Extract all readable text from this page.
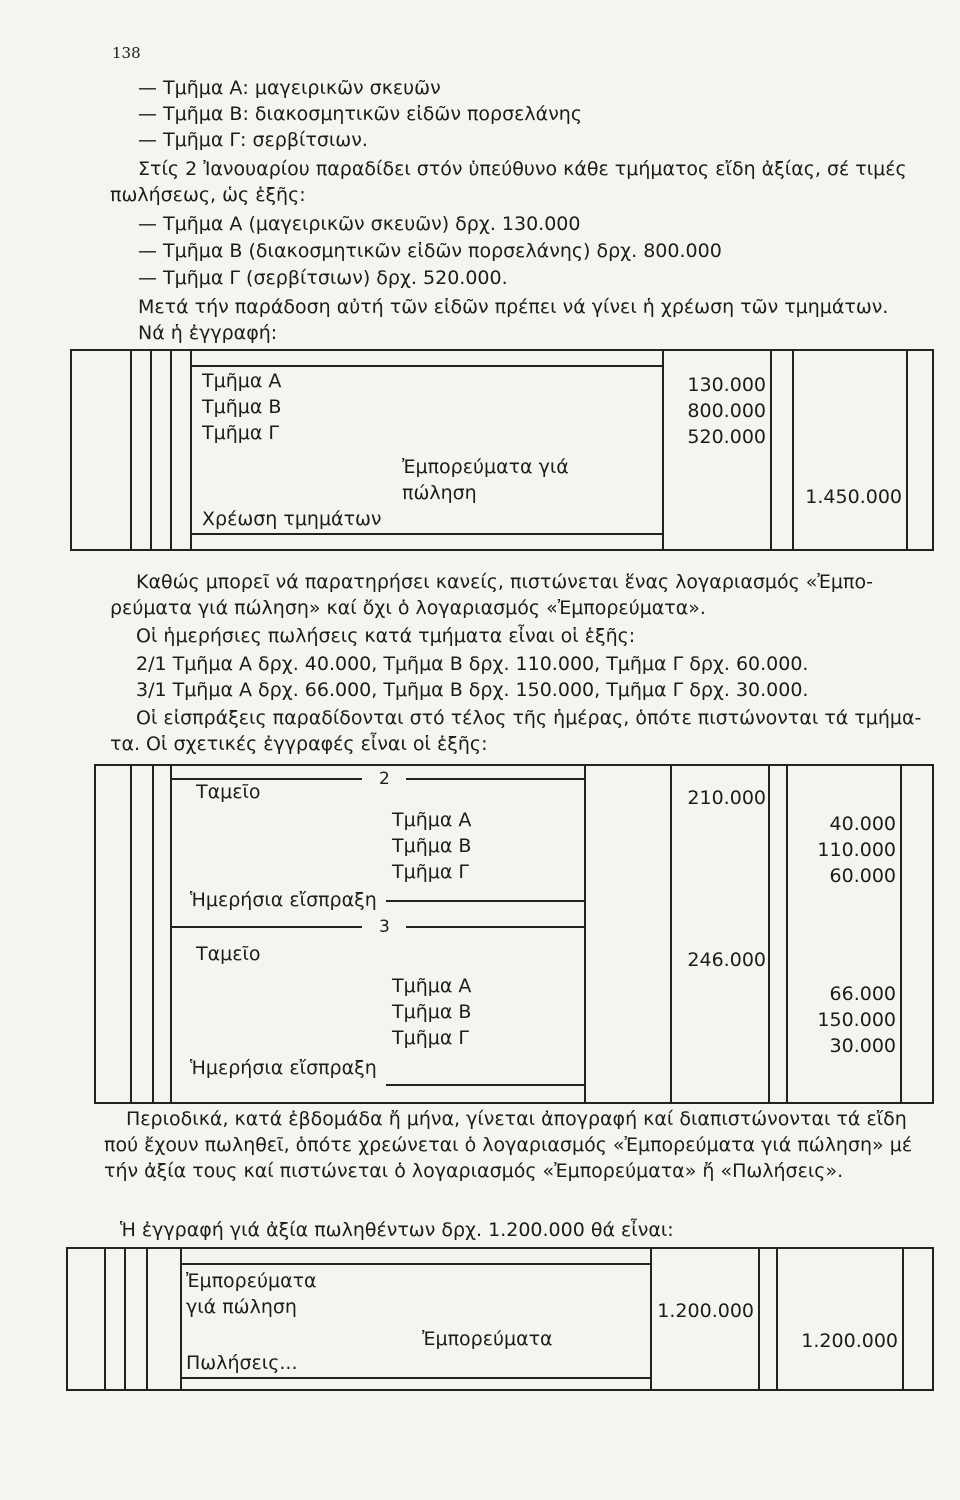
138
— Τμῆμα Α: μαγειρικῶν σκευῶν
— Τμῆμα Β: διακοσμητικῶν εἰδῶν πορσελάνης
— Τμῆμα Γ: σερβίτσιων.
Στίς 2 Ἰανουαρίου παραδίδει στόν ὑπεύθυνο κάθε τμήματος εἴδη ἀξίας, σέ τιμές
πωλήσεως, ὡς ἑξῆς:
— Τμῆμα Α (μαγειρικῶν σκευῶν) δρχ. 130.000
— Τμῆμα Β (διακοσμητικῶν εἰδῶν πορσελάνης) δρχ. 800.000
— Τμῆμα Γ (σερβίτσιων) δρχ. 520.000.
Μετά τήν παράδοση αὐτή τῶν εἰδῶν πρέπει νά γίνει ἡ χρέωση τῶν τμημάτων.
Νά ἡ ἐγγραφή:
Τμῆμα Α
Τμῆμα Β
Τμῆμα Γ
Ἐμπορεύματα γιά
πώληση
Χρέωση τμημάτων
130.000
800.000
520.000
1.450.000
Καθώς μπορεῖ νά παρατηρήσει κανείς, πιστώνεται ἕνας λογαριασμός «Ἐμπο-
ρεύματα γιά πώληση» καί ὄχι ὁ λογαριασμός «Ἐμπορεύματα».
Οἱ ἡμερήσιες πωλήσεις κατά τμήματα εἶναι οἱ ἑξῆς:
2/1 Τμῆμα Α δρχ. 40.000, Τμῆμα Β δρχ. 110.000, Τμῆμα Γ δρχ. 60.000.
3/1 Τμῆμα Α δρχ. 66.000, Τμῆμα Β δρχ. 150.000, Τμῆμα Γ δρχ. 30.000.
Οἱ εἰσπράξεις παραδίδονται στό τέλος τῆς ἡμέρας, ὁπότε πιστώνονται τά τμήμα-
τα. Οἱ σχετικές ἐγγραφές εἶναι οἱ ἑξῆς:
2
Ταμεῖο	210.000
Τμῆμα Α
Τμῆμα Β
Τμῆμα Γ
40.000
110.000
60.000
Ἡμερήσια εἴσπραξη
3
Ταμεῖο	246.000
Τμῆμα Α
Τμῆμα Β
Τμῆμα Γ
66.000
150.000
30.000
Ἡμερήσια εἴσπραξη
Περιοδικά, κατά ἑβδομάδα ἤ μήνα, γίνεται ἀπογραφή καί διαπιστώνονται τά εἴδη πού ἔχουν πωληθεῖ, ὁπότε χρεώνεται ὁ λογαριασμός «Ἐμπορεύματα γιά πώληση» μέ τήν ἀξία τους καί πιστώνεται ὁ λογαριασμός «Ἐμπορεύματα» ἤ «Πωλήσεις».
Ἡ ἐγγραφή γιά ἀξία πωληθέντων δρχ. 1.200.000 θά εἶναι:
Ἐμπορεύματα
γιά πώληση
Ἐμπορεύματα
Πωλήσεις...
1.200.000
1.200.000
